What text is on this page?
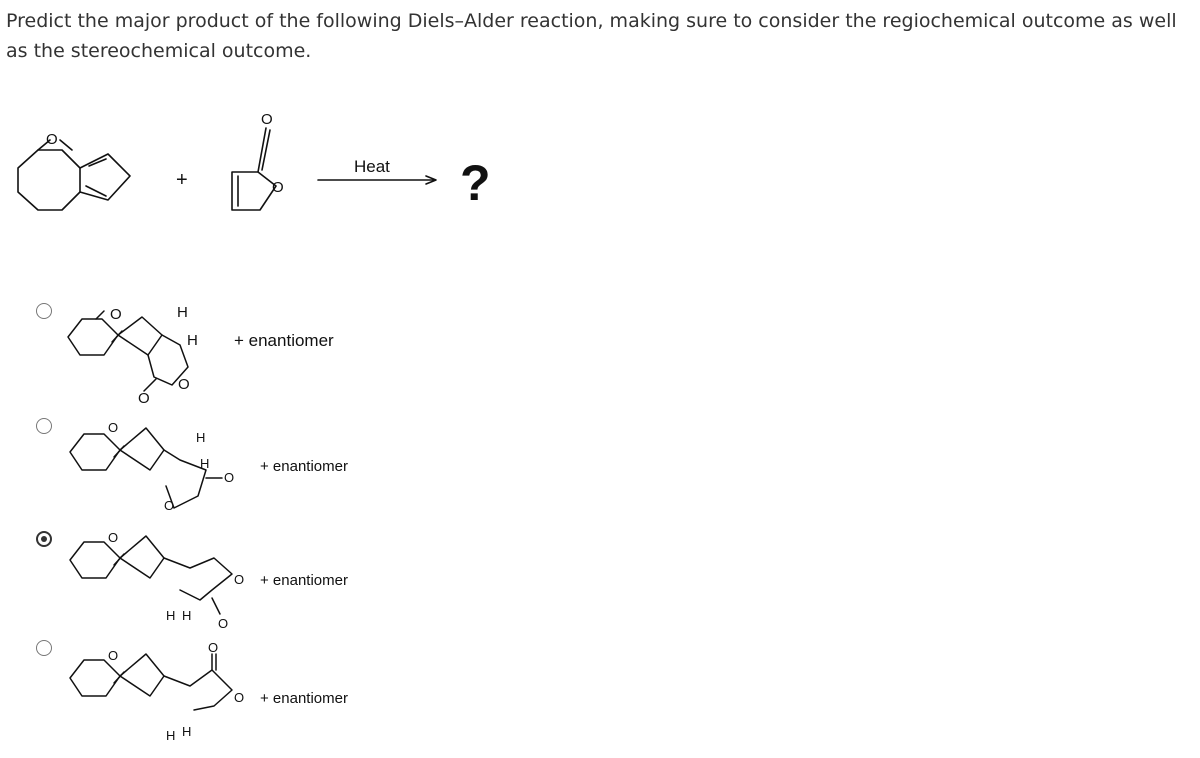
Predict the major product of the following Diels–Alder reaction, making sure to consider the regiochemical outcome as well as the stereochemical outcome.
O
+
O
O
Heat ?
O	H
H
O
O
+ enantiomer
O
H
H
O
O
+ enantiomer
O
O
H H
O
+ enantiomer
O
O
O
H H
+ enantiomer
